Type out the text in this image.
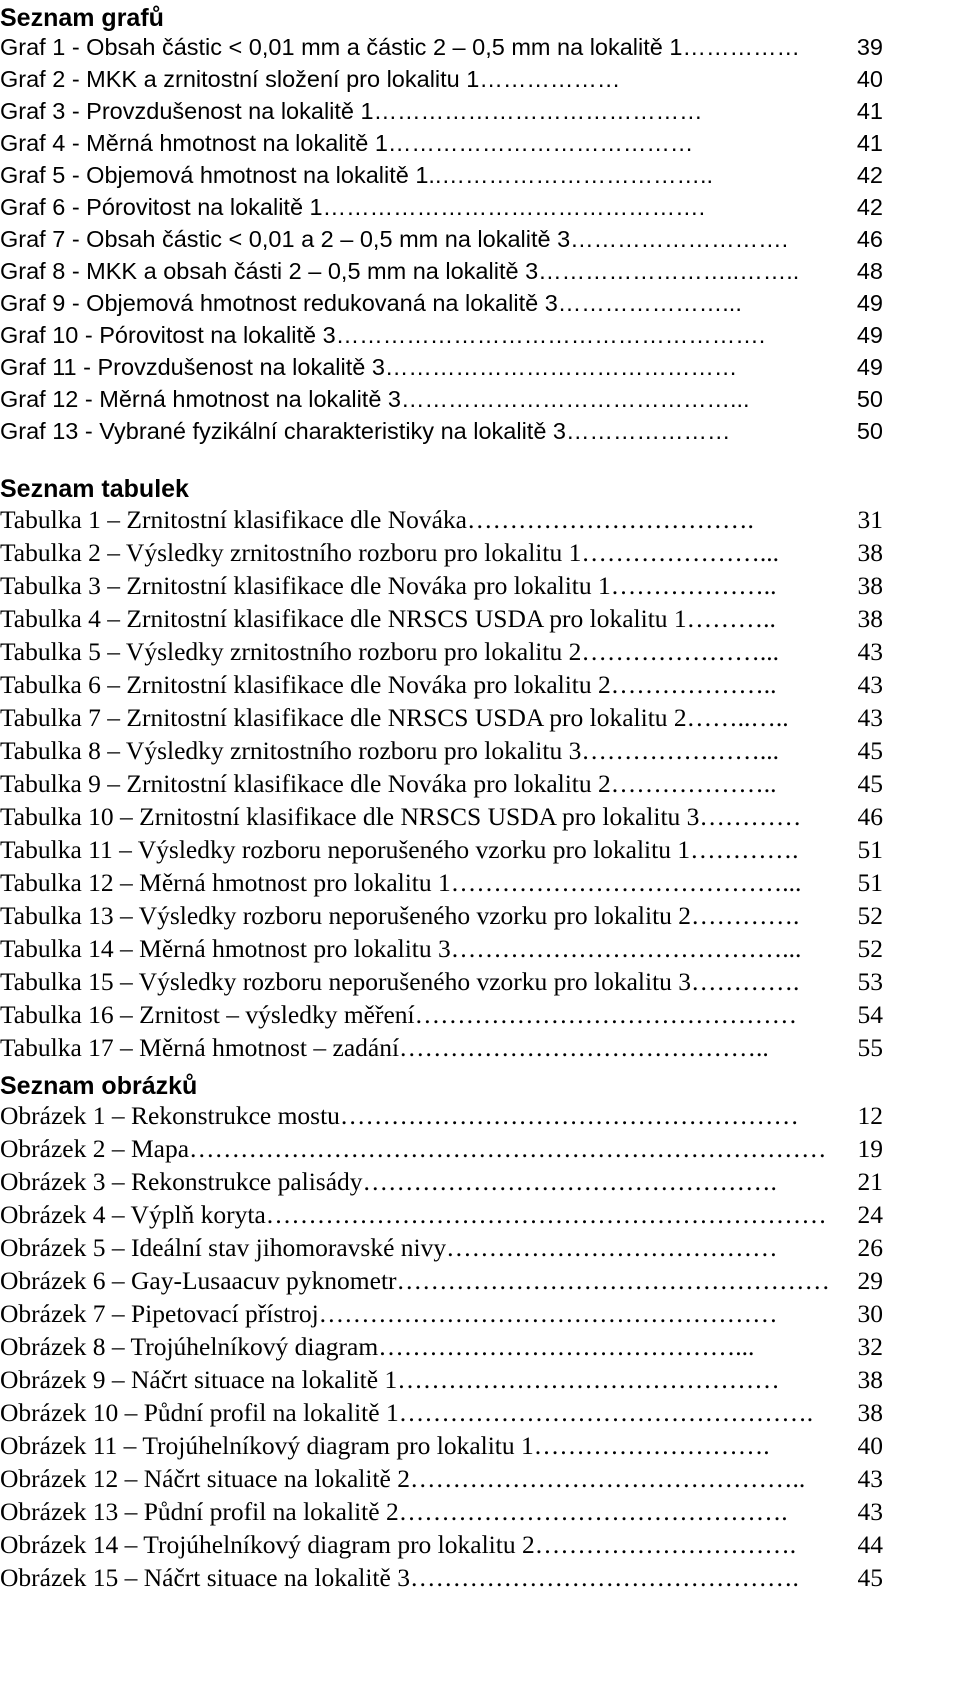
Seznam grafů
Graf 1 - Obsah částic < 0,01 mm a částic 2 – 0,5 mm na lokalitě 1…………… 39
Graf 2 - MKK a zrnitostní složení pro lokalitu 1………………	40
Graf 3 - Provzdušenost na lokalitě 1……………………………………	41
Graf 4 - Měrná hmotnost na lokalitě 1…………………………………	41
Graf 5 - Objemová hmotnost na lokalitě 1..……………………………..	42
Graf 6 - Pórovitost na lokalitě 1………………………………………….	42
Graf 7 - Obsah částic < 0,01 a 2 – 0,5 mm na lokalitě 3……………………….	46
Graf 8 - MKK a obsah části 2 – 0,5 mm na lokalitě 3……………………..…….. 48
Graf 9 - Objemová hmotnost redukovaná na lokalitě 3…………………...	49
Graf 10 - Pórovitost na lokalitě 3……………………………………………….	49
Graf 11 - Provzdušenost na lokalitě 3………………………………………	49
Graf 12 - Měrná hmotnost na lokalitě 3……………………………………...	50
Graf 13 - Vybrané fyzikální charakteristiky na lokalitě 3…………………	50
Seznam tabulek
Tabulka 1 – Zrnitostní klasifikace dle Nováka…………………………….	31
Tabulka 2 – Výsledky zrnitostního rozboru pro lokalitu 1…………………...	38
Tabulka 3 – Zrnitostní klasifikace dle Nováka pro lokalitu 1………………..	38
Tabulka 4 – Zrnitostní klasifikace dle NRSCS USDA pro lokalitu 1………..	38
Tabulka 5 – Výsledky zrnitostního rozboru pro lokalitu 2…………………...	43
Tabulka 6 – Zrnitostní klasifikace dle Nováka pro lokalitu 2………………..	43
Tabulka 7 – Zrnitostní klasifikace dle NRSCS USDA pro lokalitu 2……..…..	43
Tabulka 8 – Výsledky zrnitostního rozboru pro lokalitu 3…………………...	45
Tabulka 9 – Zrnitostní klasifikace dle Nováka pro lokalitu 2………………..	45
Tabulka 10 – Zrnitostní klasifikace dle NRSCS USDA pro lokalitu 3………… 46
Tabulka 11 – Výsledky rozboru neporušeného vzorku pro lokalitu 1…………. 51
Tabulka 12 – Měrná hmotnost pro lokalitu 1…………………………………... 51
Tabulka 13 – Výsledky rozboru neporušeného vzorku pro lokalitu 2…………. 52
Tabulka 14 – Měrná hmotnost pro lokalitu 3…………………………………... 52
Tabulka 15 – Výsledky rozboru neporušeného vzorku pro lokalitu 3…………. 53
Tabulka 16 – Zrnitost – výsledky měření……………………………………… 54
Tabulka 17 – Měrná hmotnost – zadání……………………………………..	55
Seznam obrázků
Obrázek 1 – Rekonstrukce mostu……………………………………………… 12
Obrázek 2 – Mapa………………………………………………………………… 19
Obrázek 3 – Rekonstrukce palisády………………………………………….	21
Obrázek 4 – Výplň koryta………………………………………………………… 24
Obrázek 5 – Ideální stav jihomoravské nivy…………………………………	26
Obrázek 6 – Gay-Lusaacuv pyknometr…………………………………………… 29
Obrázek 7 – Pipetovací přístroj………………………………………………	30
Obrázek 8 – Trojúhelníkový diagram……………………………………...	32
Obrázek 9 – Náčrt situace na lokalitě 1………………………………………	38
Obrázek 10 – Půdní profil na lokalitě 1…………………………………………. 38
Obrázek 11 – Trojúhelníkový diagram pro lokalitu 1……………………….	40
Obrázek 12 – Náčrt situace na lokalitě 2……………………………………….. 43
Obrázek 13 – Půdní profil na lokalitě 2……………………………………….	43
Obrázek 14 – Trojúhelníkový diagram pro lokalitu 2…………………………. 44
Obrázek 15 – Náčrt situace na lokalitě 3………………………………………. 45
